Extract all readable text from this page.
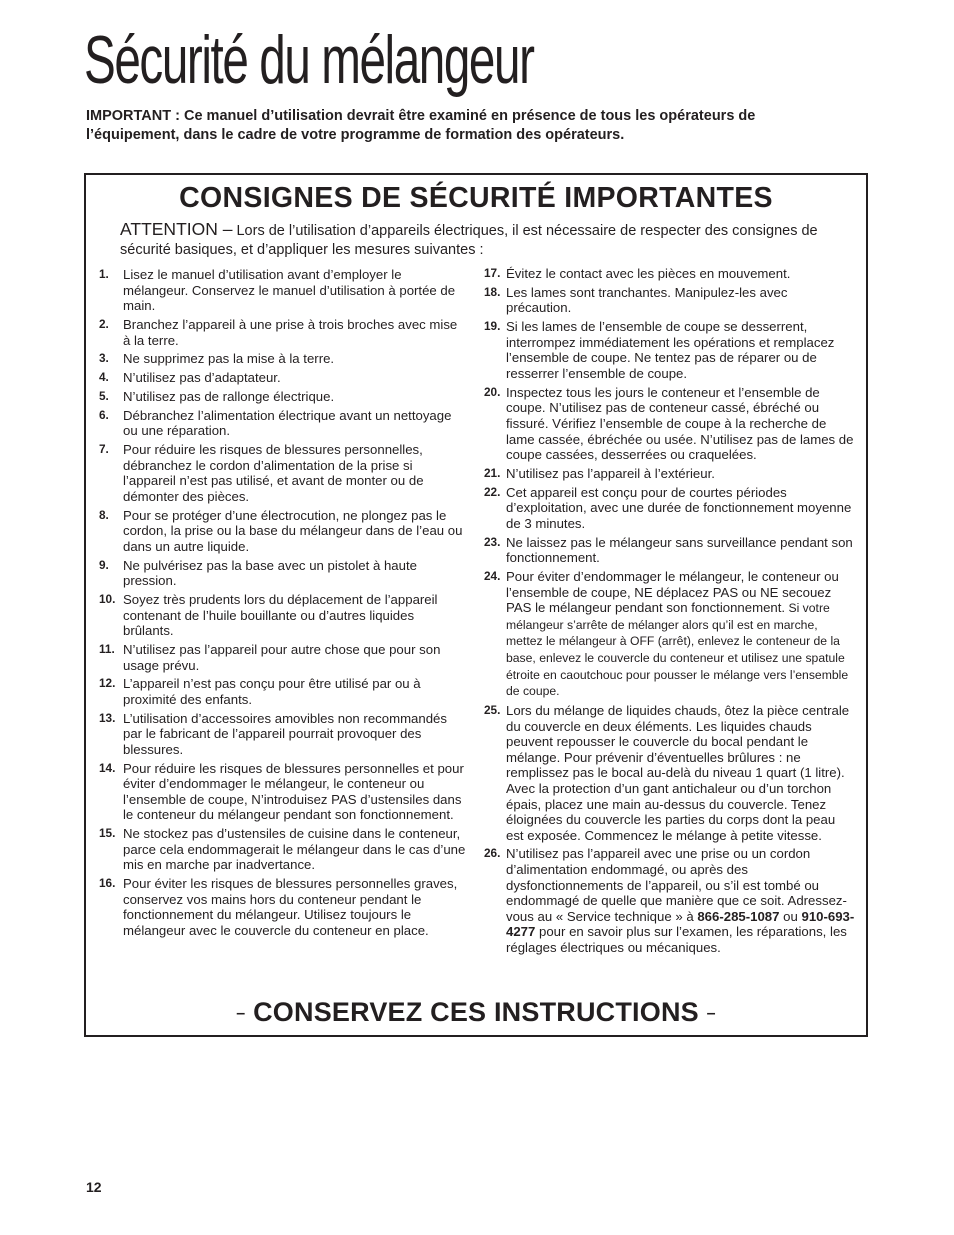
Sécurité du mélangeur

IMPORTANT : Ce manuel d’utilisation devrait être examiné en présence de tous les opérateurs de l’équipement, dans le cadre de votre programme de formation des opérateurs.

CONSIGNES DE SÉCURITÉ IMPORTANTES

ATTENTION – Lors de l’utilisation d’appareils électriques, il est nécessaire de respecter des consignes de sécurité basiques, et d’appliquer les mesures suivantes :

1.	Lisez le manuel d’utilisation avant d’employer le mélangeur. Conservez le manuel d’utilisation à portée de main.
2.	Branchez l’appareil à une prise à trois broches avec mise à la terre.
3.	Ne supprimez pas la mise à la terre.
4.	N’utilisez pas d’adaptateur.
5.	N’utilisez pas de rallonge électrique.
6.	Débranchez l’alimentation électrique avant un nettoyage ou une réparation.
7.	Pour réduire les risques de blessures personnelles, débranchez le cordon d’alimentation de la prise si l’appareil n’est pas utilisé, et avant de monter ou de démonter des pièces.
8.	Pour se protéger d’une électrocution, ne plongez pas le cordon, la prise ou la base du mélangeur dans de l’eau ou dans un autre liquide.
9.	Ne pulvérisez pas la base avec un pistolet à haute pression.
10. Soyez très prudents lors du déplacement de l’appareil contenant de l’huile bouillante ou d’autres liquides brûlants.
11. N’utilisez pas l’appareil pour autre chose que pour son usage prévu.
12. L’appareil n’est pas conçu pour être utilisé par ou à proximité des enfants.
13. L’utilisation d’accessoires amovibles non recommandés par le fabricant de l’appareil pourrait provoquer des blessures.
14. Pour réduire les risques de blessures personnelles et pour éviter d’endommager le mélangeur, le conteneur ou l’ensemble de coupe, N’introduisez PAS d’ustensiles dans le conteneur du mélangeur pendant son fonctionnement.
15. Ne stockez pas d’ustensiles de cuisine dans le conteneur, parce cela endommagerait le mélangeur dans le cas d’une mis en marche par inadvertance.
16. Pour éviter les risques de blessures personnelles graves, conservez vos mains hors du conteneur pendant le fonctionnement du mélangeur. Utilisez toujours le mélangeur avec le couvercle du conteneur en place.
17. Évitez le contact avec les pièces en mouvement.
18. Les lames sont tranchantes. Manipulez-les avec précaution.
19. Si les lames de l’ensemble de coupe se desserrent, interrompez immédiatement les opérations et remplacez l’ensemble de coupe. Ne tentez pas de réparer ou de resserrer l’ensemble de coupe.
20. Inspectez tous les jours le conteneur et l’ensemble de coupe. N’utilisez pas de conteneur cassé, ébréché ou fissuré. Vérifiez l’ensemble de coupe à la recherche de lame cassée, ébréchée ou usée. N’utilisez pas de lames de coupe cassées, desserrées ou craquelées.
21. N’utilisez pas l’appareil à l’extérieur.
22. Cet appareil est conçu pour de courtes périodes d’exploitation, avec une durée de fonctionnement moyenne de 3 minutes.
23. Ne laissez pas le mélangeur sans surveillance pendant son fonctionnement.
24. Pour éviter d’endommager le mélangeur, le conteneur ou l’ensemble de coupe, NE déplacez PAS ou NE secouez PAS le mélangeur pendant son fonctionnement. Si votre mélangeur s’arrête de mélanger alors qu’il est en marche, mettez le mélangeur à OFF (arrêt), enlevez le conteneur de la base, enlevez le couvercle du conteneur et utilisez une spatule étroite en caoutchouc pour pousser le mélange vers l’ensemble de coupe.
25. Lors du mélange de liquides chauds, ôtez la pièce centrale du couvercle en deux éléments. Les liquides chauds peuvent repousser le couvercle du bocal pendant le mélange. Pour prévenir d’éventuelles brûlures : ne remplissez pas le bocal au-delà du niveau 1 quart (1 litre). Avec la protection d’un gant antichaleur ou d’un torchon épais, placez une main au-dessus du couvercle. Tenez éloignées du couvercle les parties du corps dont la peau est exposée. Commencez le mélange à petite vitesse.
26. N’utilisez pas l’appareil avec une prise ou un cordon d’alimentation endommagé, ou après des dysfonctionnements de l’appareil, ou s’il est tombé ou endommagé de quelle que manière que ce soit. Adressez-vous au « Service technique » à 866-285-1087 ou 910-693-4277 pour en savoir plus sur l’examen, les réparations, les réglages électriques ou mécaniques.
– CONSERVEZ CES INSTRUCTIONS –
12
